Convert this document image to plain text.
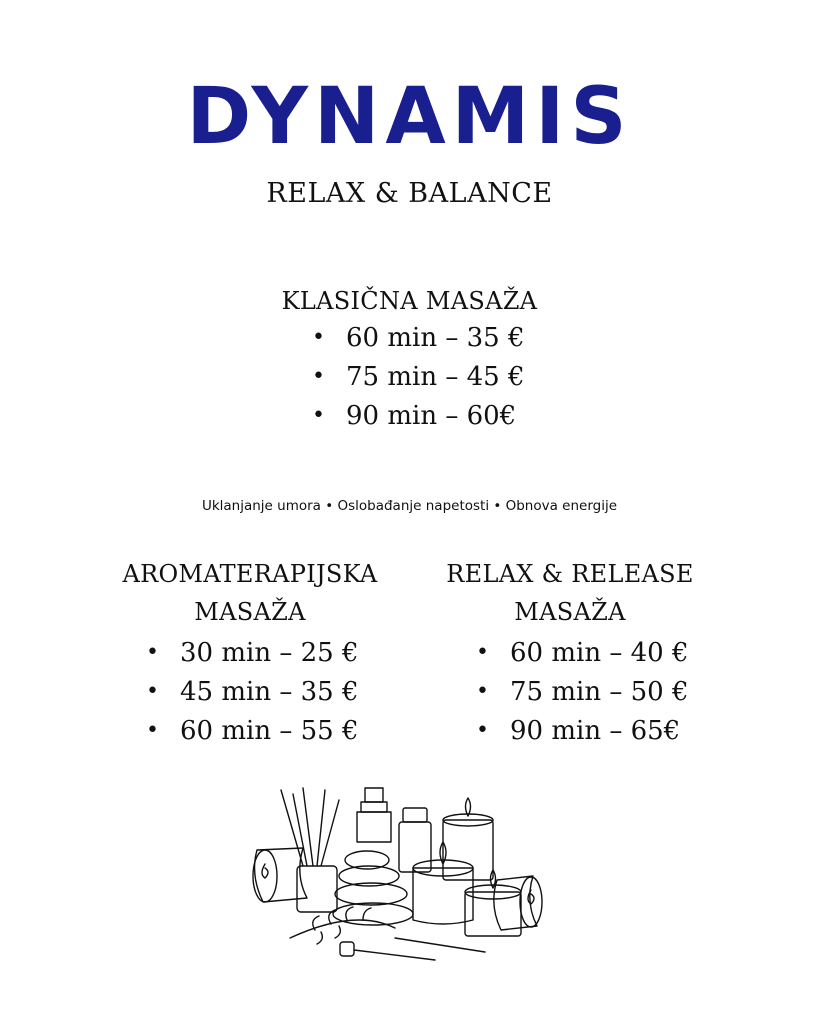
DYNAMIS
RELAX & BALANCE
KLASIČNA MASAŽA
• 60 min – 35 €
• 75 min – 45 €
• 90 min – 60€
Uklanjanje umora • Oslobađanje napetosti • Obnova energije
AROMATERAPIJSKA
MASAŽA
• 30 min – 25 €
• 45 min – 35 €
• 60 min – 55 €
RELAX & RELEASE
MASAŽA
• 60 min – 40 €
• 75 min – 50 €
• 90 min – 65€
